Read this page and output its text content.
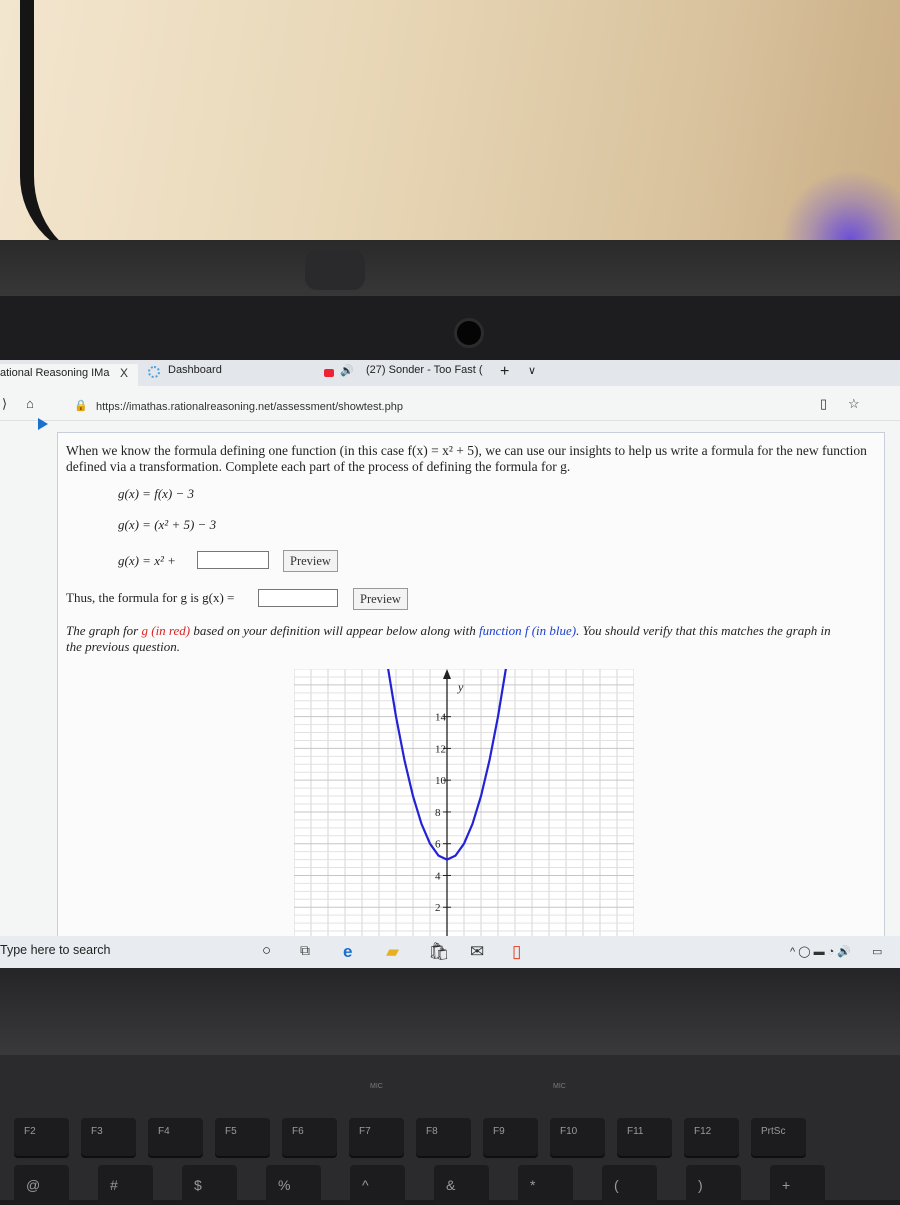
ational Reasoning IMa X	Dashboard	🔊 (27) Sonder - Too Fast ( + ∨
⟩ ⌂	🔒 https://imathas.rationalreasoning.net/assessment/showtest.php	▯ ☆
When we know the formula defining one function (in this case f(x) = x² + 5), we can use our insights to help us write a formula for the new function defined via a transformation. Complete each part of the process of defining the formula for g.
g(x) = f(x) − 3
g(x) = (x² + 5) − 3
g(x) = x² +	Preview
Thus, the formula for g is g(x) =	Preview
The graph for g (in red) based on your definition will appear below along with function f (in blue). You should verify that this matches the graph in the previous question.
y
2
4
6
8
10
12
14
Type here to search	○ ⧉ e ▰ 🛍 ✉ ▯	^ ◯ ▬ ◔ 🔊 ▭
MIC	MIC
F2	F3	F4	F5	F6	F7	F8	F9	F10	F11	F12	PrtSc
@	#	$	%	^	&	*	(	)	+
